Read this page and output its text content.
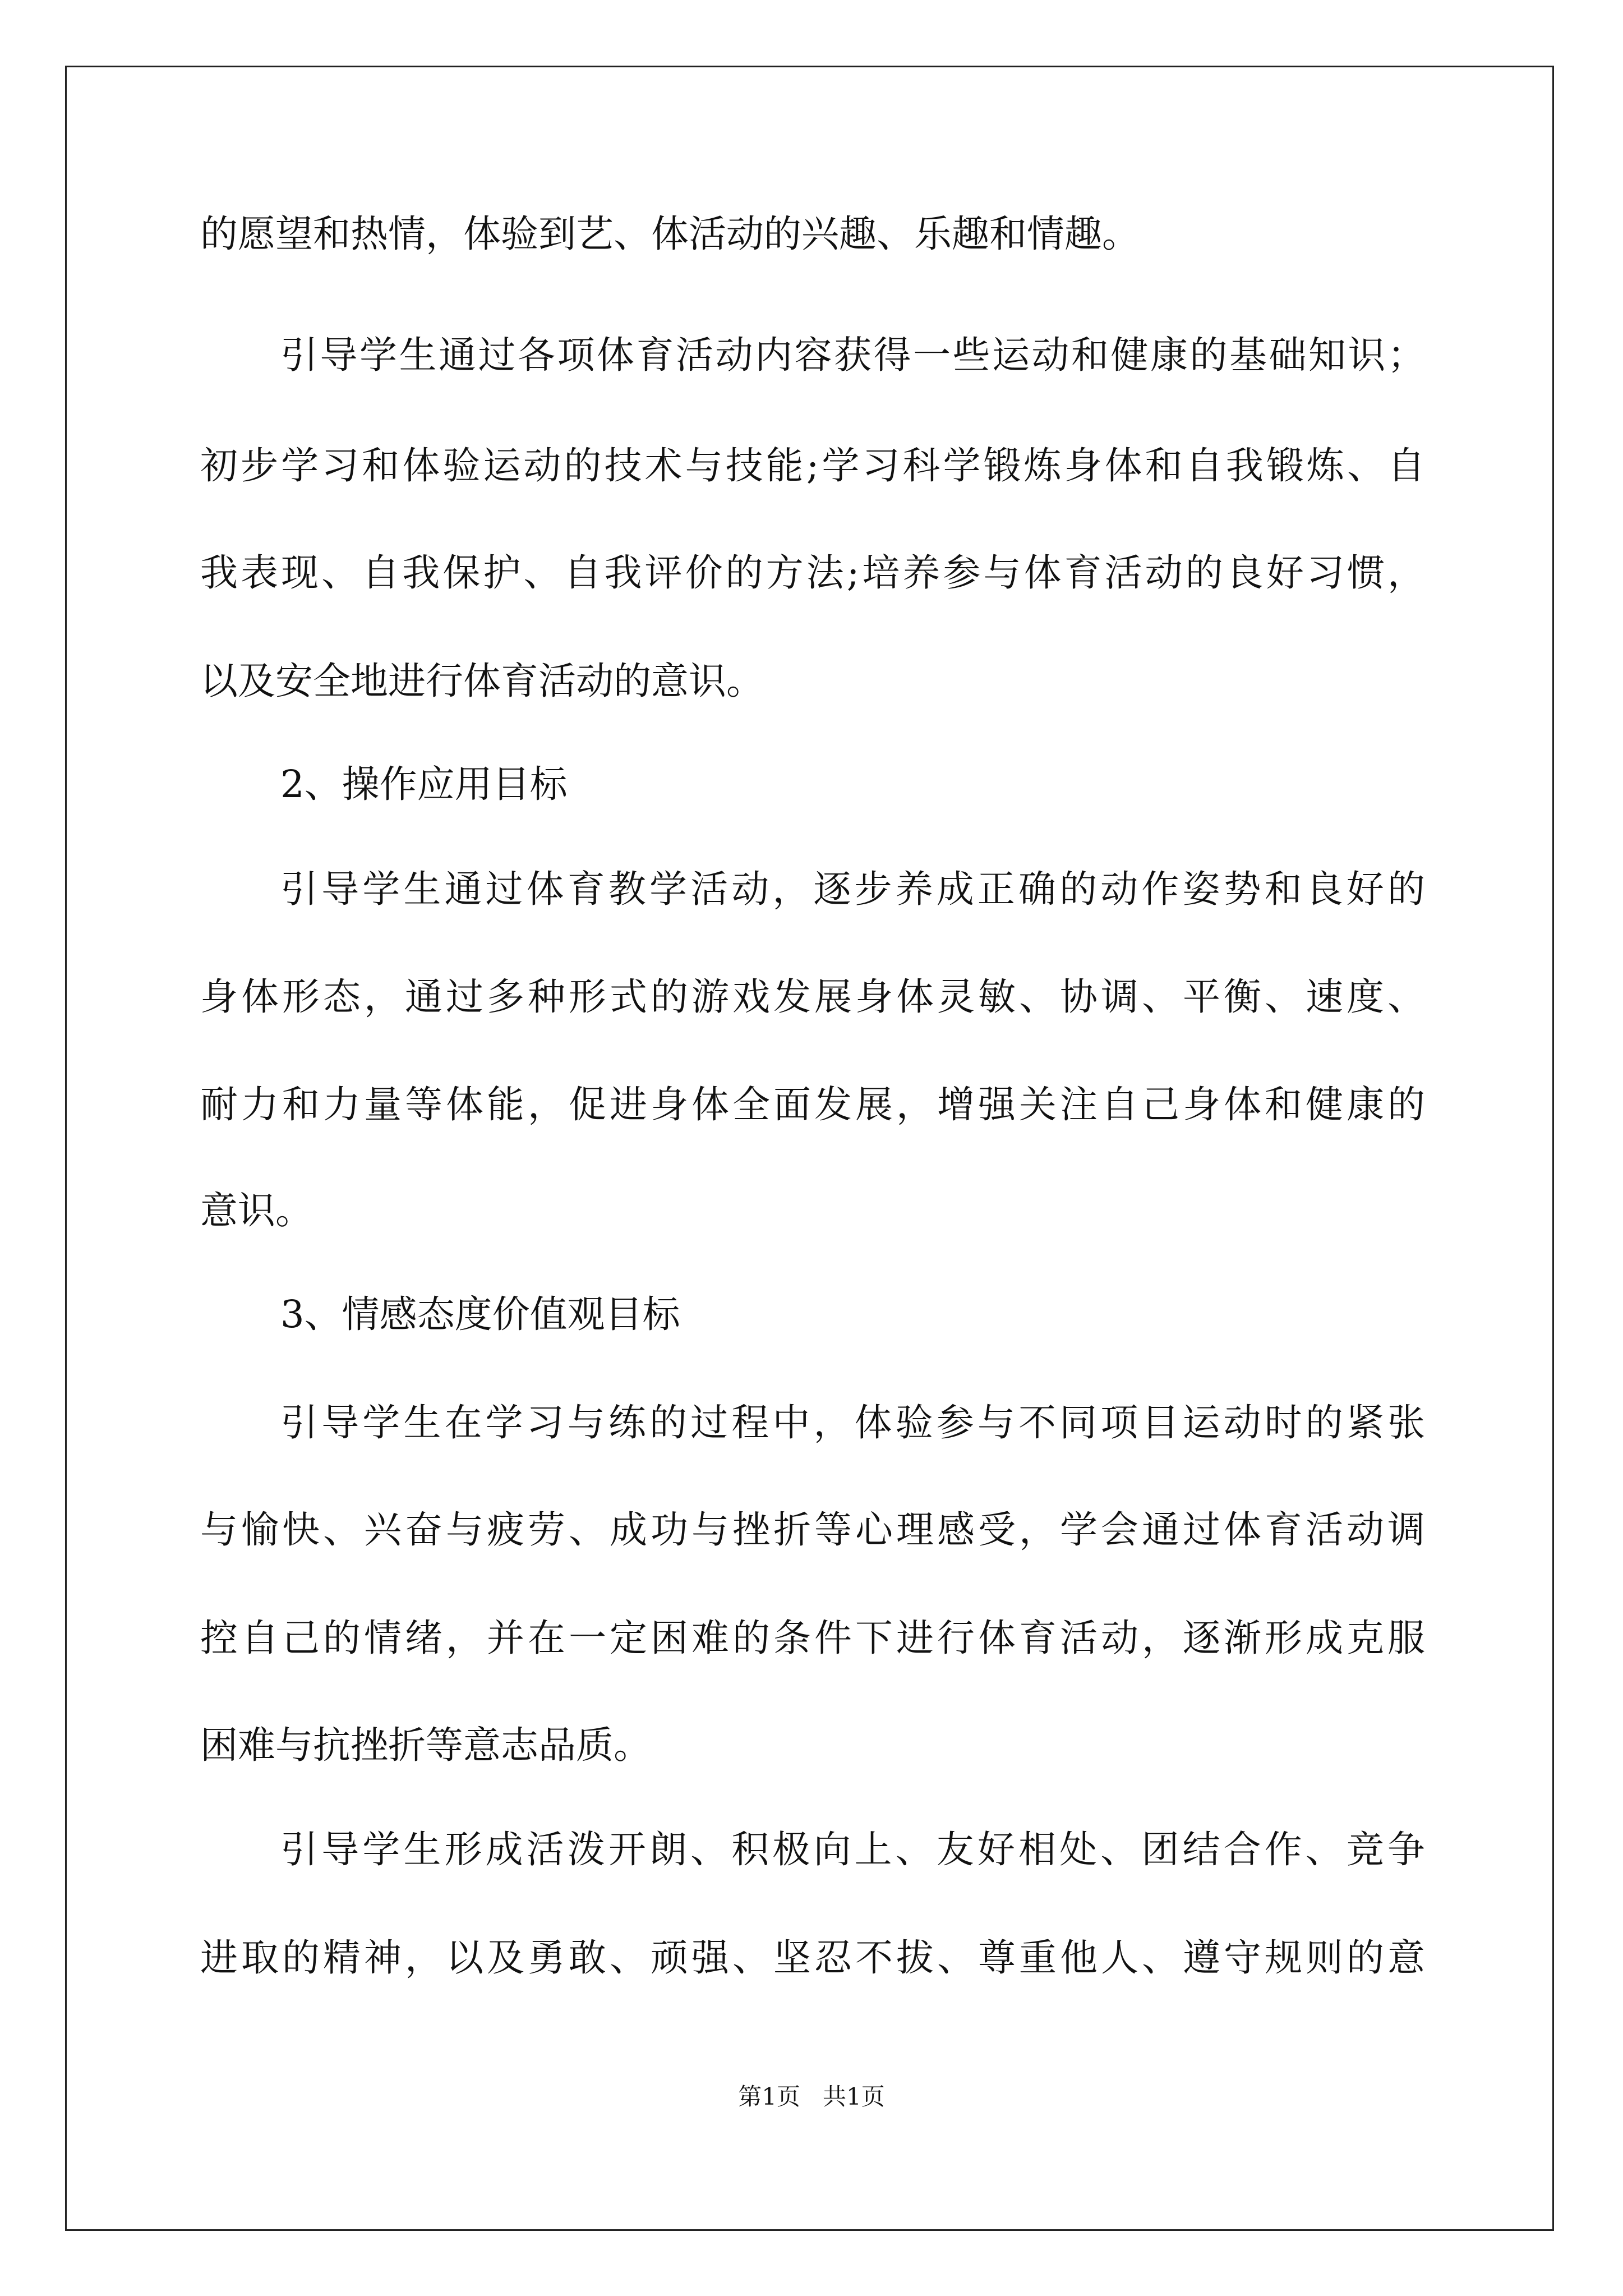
的愿望和热情，体验到艺、体活动的兴趣、乐趣和情趣。
引导学生通过各项体育活动内容获得一些运动和健康的基础知识；
初步学习和体验运动的技术与技能;学习科学锻炼身体和自我锻炼、自
我表现、自我保护、自我评价的方法;培养参与体育活动的良好习惯，
以及安全地进行体育活动的意识。
2、操作应用目标
引导学生通过体育教学活动，逐步养成正确的动作姿势和良好的
身体形态，通过多种形式的游戏发展身体灵敏、协调、平衡、速度、
耐力和力量等体能，促进身体全面发展，增强关注自己身体和健康的
意识。
3、情感态度价值观目标
引导学生在学习与练的过程中，体验参与不同项目运动时的紧张
与愉快、兴奋与疲劳、成功与挫折等心理感受，学会通过体育活动调
控自己的情绪，并在一定困难的条件下进行体育活动，逐渐形成克服
困难与抗挫折等意志品质。
引导学生形成活泼开朗、积极向上、友好相处、团结合作、竞争
进取的精神，以及勇敢、顽强、坚忍不拔、尊重他人、遵守规则的意
第1页   共1页
